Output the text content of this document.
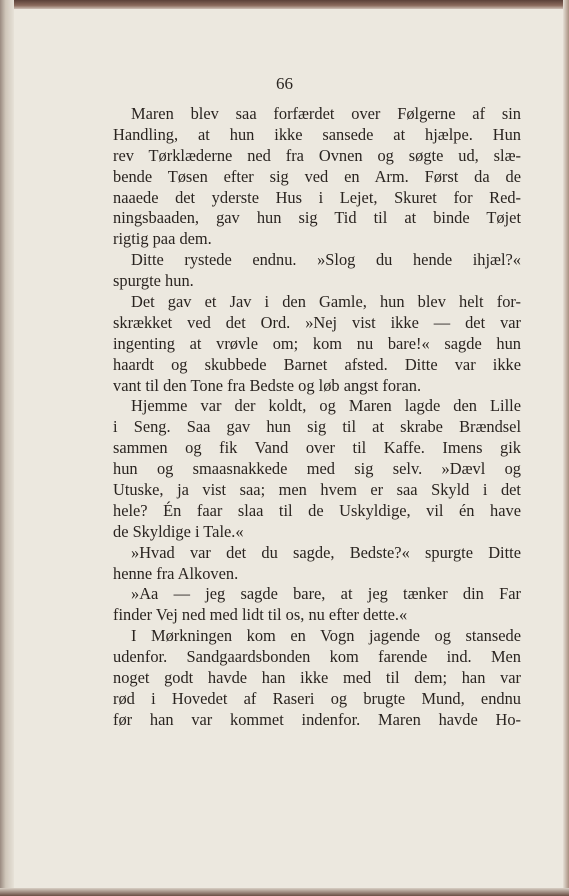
66
Maren blev saa forfærdet over Følgerne af sin
Handling, at hun ikke sansede at hjælpe. Hun
rev Tørklæderne ned fra Ovnen og søgte ud, slæ-
bende Tøsen efter sig ved en Arm. Først da de
naaede det yderste Hus i Lejet, Skuret for Red-
ningsbaaden, gav hun sig Tid til at binde Tøjet
rigtig paa dem.
Ditte rystede endnu. »Slog du hende ihjæl?«
spurgte hun.
Det gav et Jav i den Gamle, hun blev helt for-
skrækket ved det Ord. »Nej vist ikke — det var
ingenting at vrøvle om; kom nu bare!« sagde hun
haardt og skubbede Barnet afsted. Ditte var ikke
vant til den Tone fra Bedste og løb angst foran.
Hjemme var der koldt, og Maren lagde den Lille
i Seng. Saa gav hun sig til at skrabe Brændsel
sammen og fik Vand over til Kaffe. Imens gik
hun og smaasnakkede med sig selv. »Dævl og
Utuske, ja vist saa; men hvem er saa Skyld i det
hele? Én faar slaa til de Uskyldige, vil én have
de Skyldige i Tale.«
»Hvad var det du sagde, Bedste?« spurgte Ditte
henne fra Alkoven.
»Aa — jeg sagde bare, at jeg tænker din Far
finder Vej ned med lidt til os, nu efter dette.«
I Mørkningen kom en Vogn jagende og stansede
udenfor. Sandgaardsbonden kom farende ind. Men
noget godt havde han ikke med til dem; han var
rød i Hovedet af Raseri og brugte Mund, endnu
før han var kommet indenfor. Maren havde Ho-
